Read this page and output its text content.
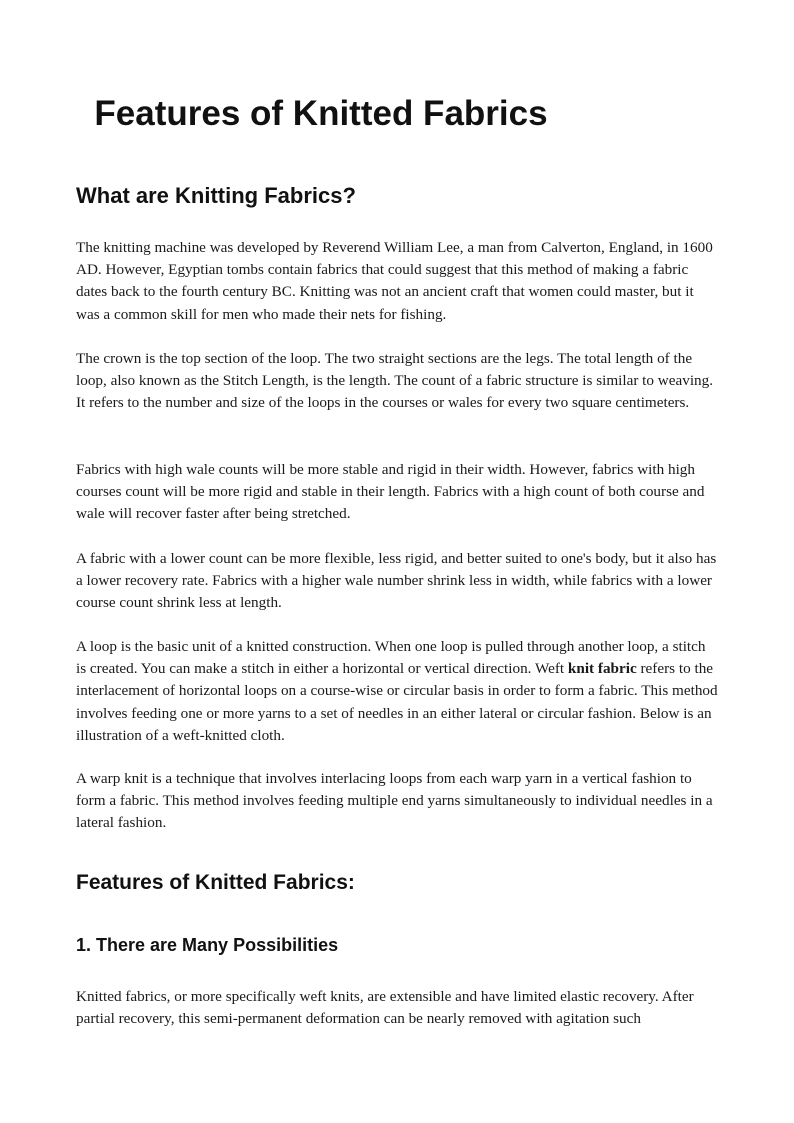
Features of Knitted Fabrics
What are Knitting Fabrics?

The knitting machine was developed by Reverend William Lee, a man from Calverton, England, in 1600 AD. However, Egyptian tombs contain fabrics that could suggest that this method of making a fabric dates back to the fourth century BC. Knitting was not an ancient craft that women could master, but it was a common skill for men who made their nets for fishing.

The crown is the top section of the loop. The two straight sections are the legs. The total length of the loop, also known as the Stitch Length, is the length. The count of a fabric structure is similar to weaving. It refers to the number and size of the loops in the courses or wales for every two square centimeters.

Fabrics with high wale counts will be more stable and rigid in their width. However, fabrics with high courses count will be more rigid and stable in their length. Fabrics with a high count of both course and wale will recover faster after being stretched.

A fabric with a lower count can be more flexible, less rigid, and better suited to one's body, but it also has a lower recovery rate. Fabrics with a higher wale number shrink less in width, while fabrics with a lower course count shrink less at length.

A loop is the basic unit of a knitted construction. When one loop is pulled through another loop, a stitch is created. You can make a stitch in either a horizontal or vertical direction. Weft knit fabric refers to the interlacement of horizontal loops on a course-wise or circular basis in order to form a fabric. This method involves feeding one or more yarns to a set of needles in an either lateral or circular fashion. Below is an illustration of a weft-knitted cloth.

A warp knit is a technique that involves interlacing loops from each warp yarn in a vertical fashion to form a fabric. This method involves feeding multiple end yarns simultaneously to individual needles in a lateral fashion.

Features of Knitted Fabrics:
1. There are Many Possibilities

Knitted fabrics, or more specifically weft knits, are extensible and have limited elastic recovery. After partial recovery, this semi-permanent deformation can be nearly removed with agitation such
